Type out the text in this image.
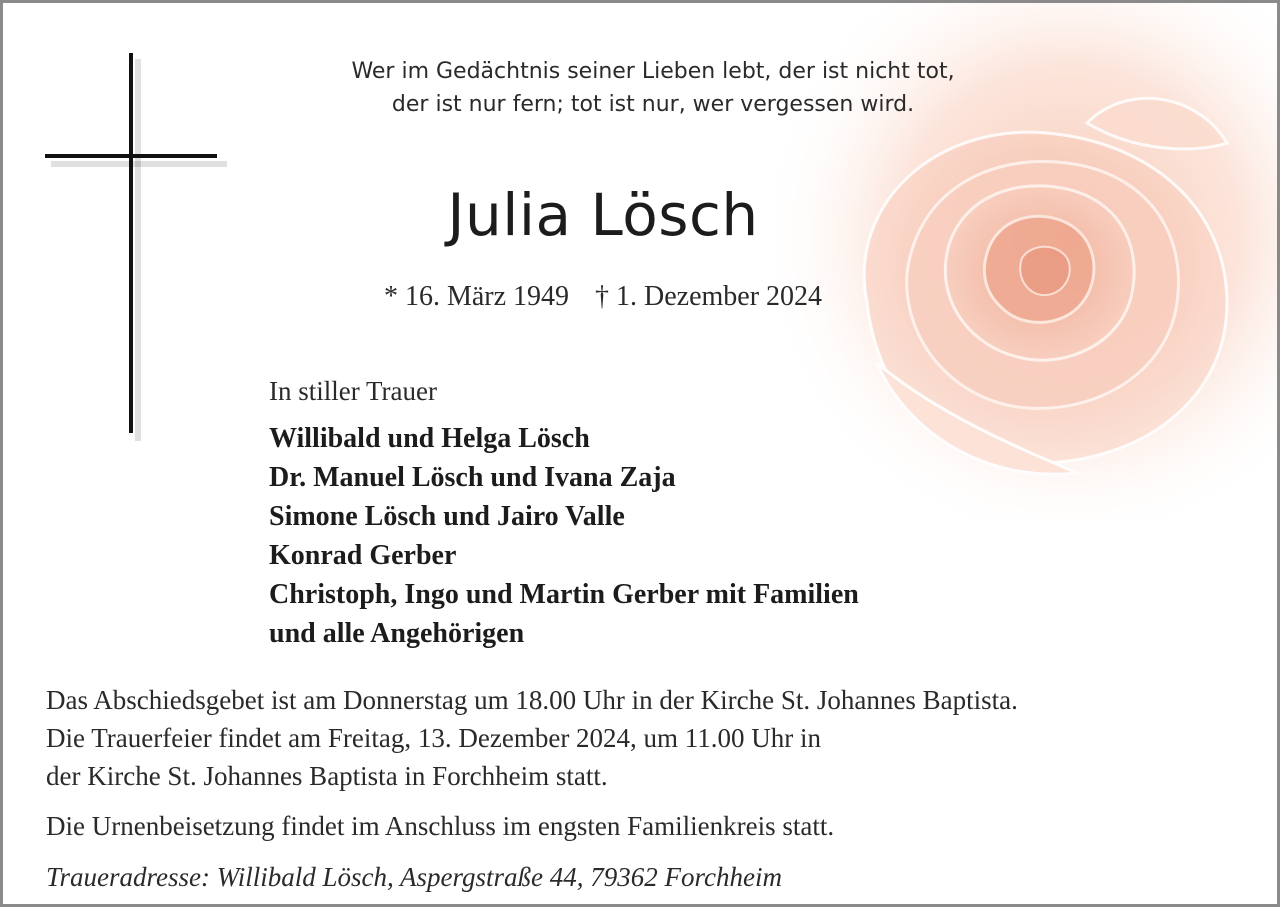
Wer im Gedächtnis seiner Lieben lebt, der ist nicht tot,
der ist nur fern; tot ist nur, wer vergessen wird.
Julia Lösch
* 16. März 1949 † 1. Dezember 2024
In stiller Trauer
Willibald und Helga Lösch
Dr. Manuel Lösch und Ivana Zaja
Simone Lösch und Jairo Valle
Konrad Gerber
Christoph, Ingo und Martin Gerber mit Familien
und alle Angehörigen
Das Abschiedsgebet ist am Donnerstag um 18.00 Uhr in der Kirche St. Johannes Baptista.
Die Trauerfeier findet am Freitag, 13. Dezember 2024, um 11.00 Uhr in
der Kirche St. Johannes Baptista in Forchheim statt.
Die Urnenbeisetzung findet im Anschluss im engsten Familienkreis statt.
Traueradresse: Willibald Lösch, Aspergstraße 44, 79362 Forchheim
